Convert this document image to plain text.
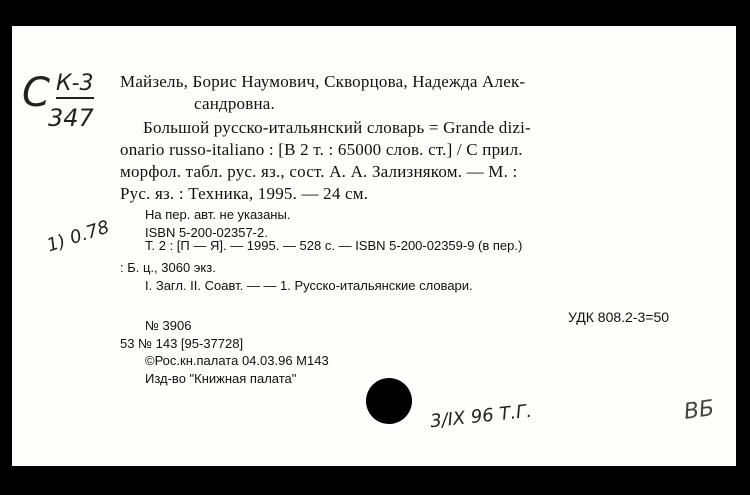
С К-3
347
Майзель, Борис Наумович, Скворцова, Надежда Алек-
сандровна.
Большой русско-итальянский словарь = Grande dizi-
onario russo-italiano : [В 2 т. : 65000 слов. ст.] / С прил.
морфол. табл. рус. яз., сост. А. А. Зализняком. — М. :
Рус. яз. : Техника, 1995. — 24 см.
На пер. авт. не указаны.
ISBN 5-200-02357-2.
Т. 2 : [П — Я]. — 1995. — 528 с. — ISBN 5-200-02359-9 (в пер.)
: Б. ц., 3060 экз.
I. Загл. II. Соавт. — — 1. Русско-итальянские словари.
1) 0.78
№ 3906
УДК 808.2-3=50
53 № 143 [95-37728]
©Рос.кн.палата 04.03.96 М143
Изд-во "Книжная палата"
3/IX 96 Т.Г.	ВБ
